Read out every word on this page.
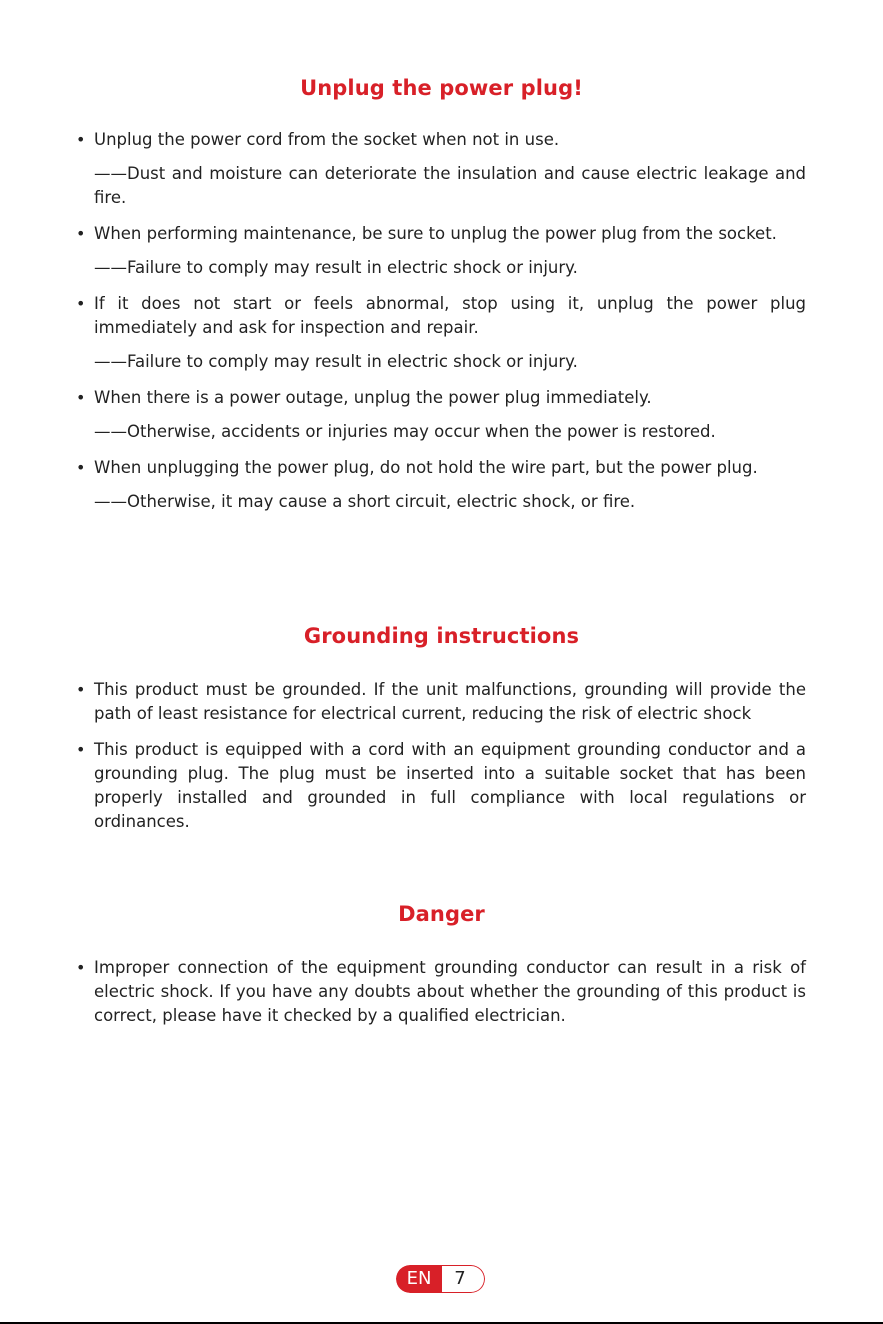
Unplug the power plug!

• Unplug the power cord from the socket when not in use.

——Dust and moisture can deteriorate the insulation and cause electric leakage and fire.

• When performing maintenance, be sure to unplug the power plug from the socket.

——Failure to comply may result in electric shock or injury.

• If it does not start or feels abnormal, stop using it, unplug the power plug immediately and ask for inspection and repair.

——Failure to comply may result in electric shock or injury.

• When there is a power outage, unplug the power plug immediately.

——Otherwise, accidents or injuries may occur when the power is restored.

• When unplugging the power plug, do not hold the wire part, but the power plug.

——Otherwise, it may cause a short circuit, electric shock, or fire.

Grounding instructions

• This product must be grounded. If the unit malfunctions, grounding will provide the path of least resistance for electrical current, reducing the risk of electric shock

• This product is equipped with a cord with an equipment grounding conductor and a grounding plug. The plug must be inserted into a suitable socket that has been properly installed and grounded in full compliance with local regulations or ordinances.

Danger

• Improper connection of the equipment grounding conductor can result in a risk of electric shock. If you have any doubts about whether the grounding of this product is correct, please have it checked by a qualified electrician.

EN	7
